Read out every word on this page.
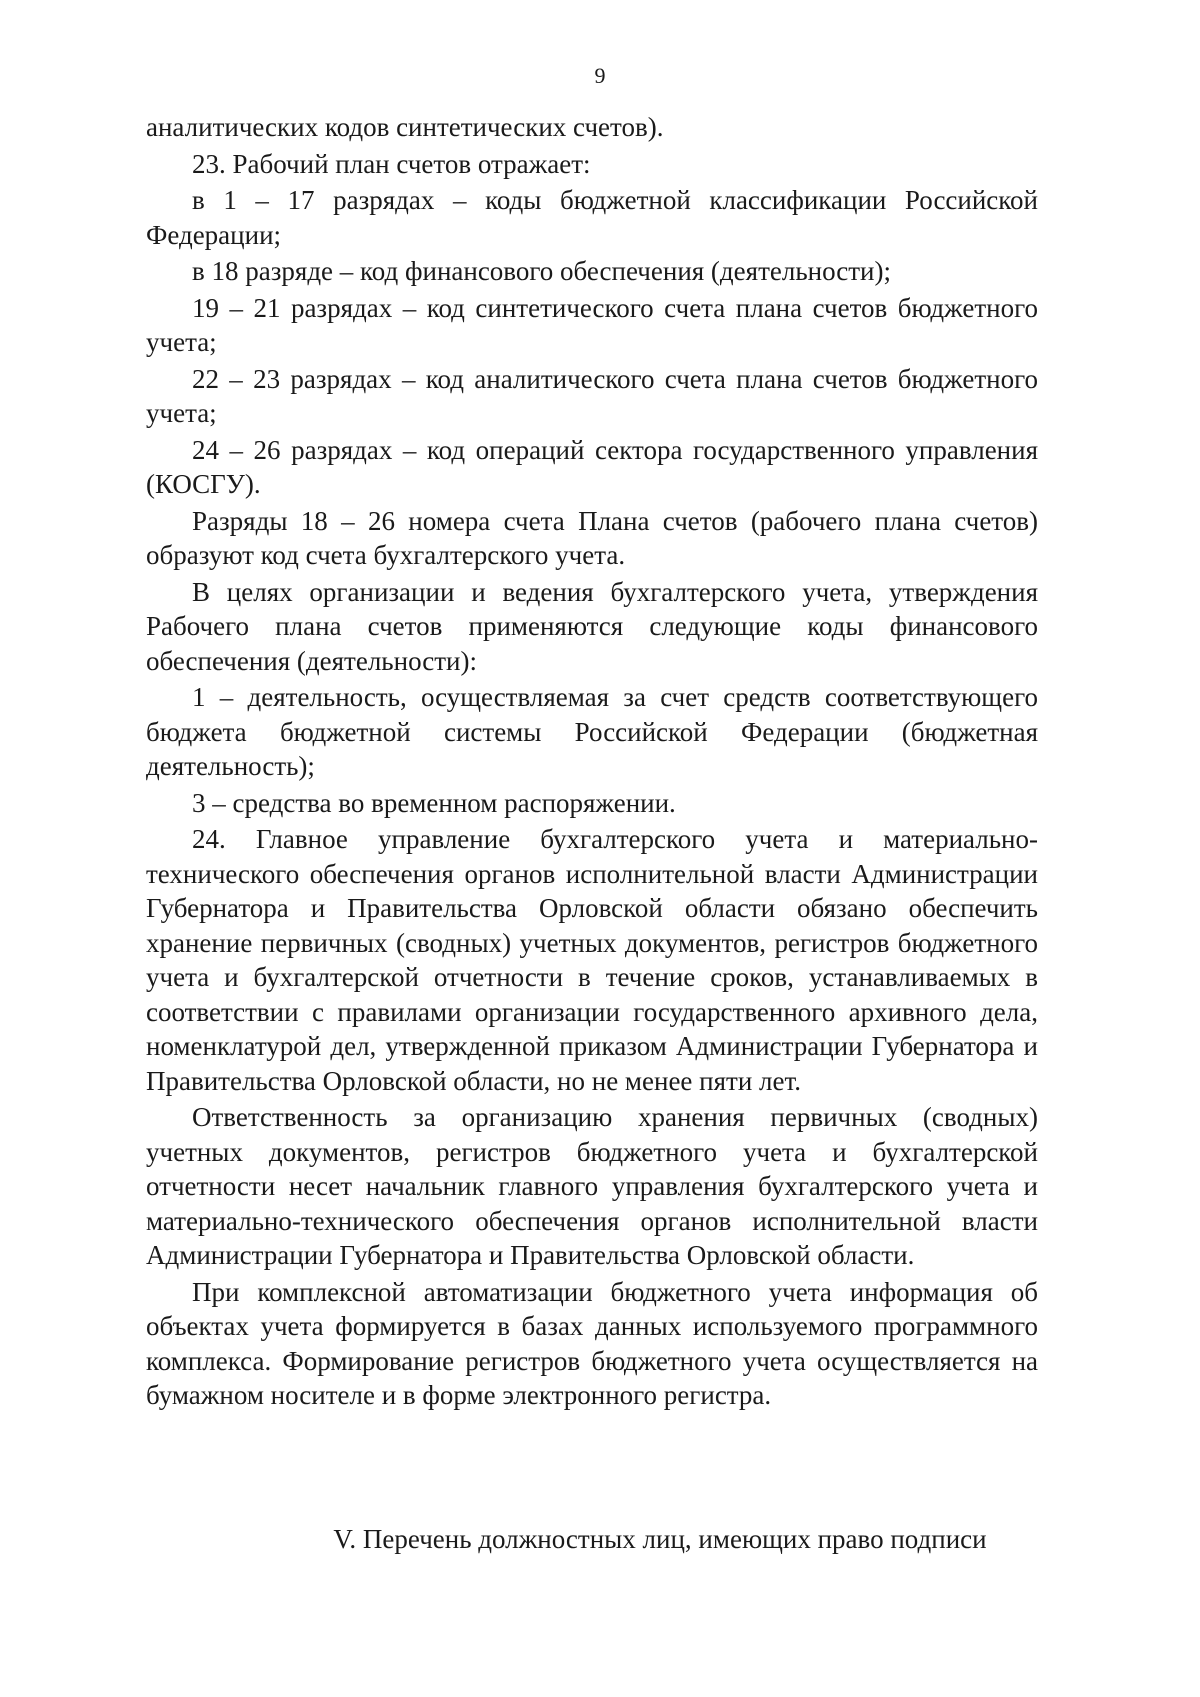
9

аналитических кодов синтетических счетов).

23. Рабочий план счетов отражает:

в 1 – 17 разрядах – коды бюджетной классификации Российской Федерации;

в 18 разряде – код финансового обеспечения (деятельности);

19 – 21 разрядах – код синтетического счета плана счетов бюджетного учета;

22 – 23 разрядах – код аналитического счета плана счетов бюджетного учета;

24 – 26 разрядах – код операций сектора государственного управления (КОСГУ).

Разряды 18 – 26 номера счета Плана счетов (рабочего плана счетов) образуют код счета бухгалтерского учета.

В целях организации и ведения бухгалтерского учета, утверждения Рабочего плана счетов применяются следующие коды финансового обеспечения (деятельности):

1 – деятельность, осуществляемая за счет средств соответствующего бюджета бюджетной системы Российской Федерации (бюджетная деятельность);

3 – средства во временном распоряжении.

24. Главное управление бухгалтерского учета и материально-технического обеспечения органов исполнительной власти Администрации Губернатора и Правительства Орловской области обязано обеспечить хранение первичных (сводных) учетных документов, регистров бюджетного учета и бухгалтерской отчетности в течение сроков, устанавливаемых в соответствии с правилами организации государственного архивного дела, номенклатурой дел, утвержденной приказом Администрации Губернатора и Правительства Орловской области, но не менее пяти лет.

Ответственность за организацию хранения первичных (сводных) учетных документов, регистров бюджетного учета и бухгалтерской отчетности несет начальник главного управления бухгалтерского учета и материально-технического обеспечения органов исполнительной власти Администрации Губернатора и Правительства Орловской области.

При комплексной автоматизации бюджетного учета информация об объектах учета формируется в базах данных используемого программного комплекса. Формирование регистров бюджетного учета осуществляется на бумажном носителе и в форме электронного регистра.

V. Перечень должностных лиц, имеющих право подписи
